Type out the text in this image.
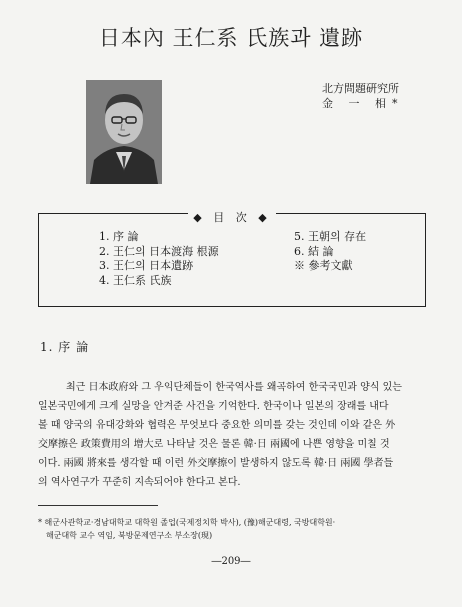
日本內 王仁系 氏族과 遺跡
北方問題硏究所
金 一 相*
◆ 目 次 ◆
1. 序 論
2. 王仁의 日本渡海 根源
3. 王仁의 日本遺跡
4. 王仁系 氏族
5. 王朝의 存在
6. 結 論
※ 參考文獻
1. 序 論
최근 日本政府와 그 우익단체들이 한국역사를 왜곡하여 한국국민과 양식 있는
일본국민에게 크게 실망을 안겨준 사건을 기억한다. 한국이나 일본의 장래를 내다
볼 때 양국의 유대강화와 협력은 무엇보다 중요한 의미를 갖는 것인데 이와 같은 外
交摩擦은 政策費用의 增大로 나타날 것은 물론 韓·日 兩國에 나쁜 영향을 미칠 것
이다. 兩國 將來를 생각할 때 이런 外交摩擦이 발생하지 않도록 韓·日 兩國 學者들
의 역사연구가 꾸준히 지속되어야 한다고 본다.
* 해군사관학교·경남대학교 대학원 졸업(국제정치학 박사), (豫)해군대령, 국방대학원·
해군대학 교수 역임, 북방문제연구소 부소장(現)
―209―
